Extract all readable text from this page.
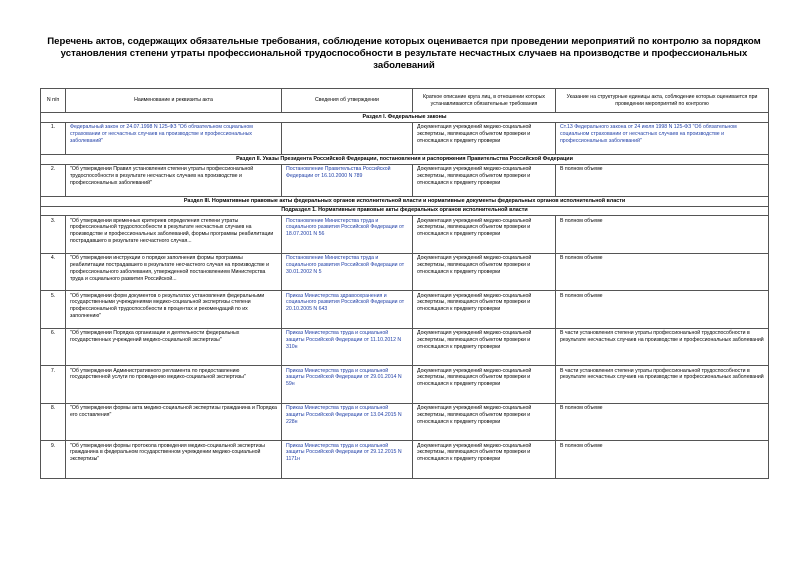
Перечень актов, содержащих обязательные требования, соблюдение которых оценивается при проведении мероприятий по контролю за порядком установления степени утраты профессиональной трудоспособности в результате несчастных случаев на производстве и профессиональных заболеваний
N п/п	Наименование и реквизиты акта	Сведения об утверждении	Краткое описание круга лиц, в отношении которых устанавливаются обязательные требования	Указание на структурные единицы акта, соблюдение которых оценивается при проведении мероприятий по контролю
Раздел I. Федеральные законы				
1.	Федеральный закон от 24.07.1998 N 125-ФЗ "Об обязательном социальном страховании от несчастных случаев на производстве и профессиональных заболеваний"		Документация учреждений медико-социальной экспертизы, являющаяся объектом проверки и относящаяся к предмету проверки	Ст.13 Федерального закона от 24 июля 1998 N 125-ФЗ "Об обязательном социальном страховании от несчастных случаев на производстве и профессиональных заболеваний"
Раздел II. Указы Президента Российской Федерации, постановления и распоряжения Правительства Российской Федерации				
2.	"Об утверждении Правил установления степени утраты профессиональной трудоспособности в результате несчастных случаев на производстве и профессиональных заболеваний"	Постановление Правительства Российской Федерации от 16.10.2000 N 789	Документация учреждений медико-социальной экспертизы, являющаяся объектом проверки и относящаяся к предмету проверки	В полном объеме
Раздел III. Нормативные правовые акты федеральных органов исполнительной власти и нормативные документы федеральных органов исполнительной власти				
Подраздел 1. Нормативные правовые акты федеральных органов исполнительной власти				
3.	"Об утверждении временных критериев определения степени утраты профессиональной трудоспособности в результате несчастных случаев на производстве и профессиональных заболеваний, формы программы реабилитации пострадавшего в результате несчастного случая...	Постановление Министерства труда и социального развития Российской Федерации от 18.07.2001 N 56	Документация учреждений медико-социальной экспертизы, являющаяся объектом проверки и относящаяся к предмету проверки	В полном объеме
4.	"Об утверждении инструкции о порядке заполнения формы программы реабилитации пострадавшего в результате несчастного случая на производстве и профессионального заболевания, утвержденной постановлением Министерства труда и социального развития Российской...	Постановление Министерства труда и социального развития Российской Федерации от 30.01.2002 N 5	Документация учреждений медико-социальной экспертизы, являющаяся объектом проверки и относящаяся к предмету проверки	В полном объеме
5.	"Об утверждении форм документов о результатах установления федеральными государственными учреждениями медико-социальной экспертизы степени профессиональной трудоспособности в процентах и рекомендаций по их заполнению"	Приказ Министерства здравоохранения и социального развития Российской Федерации от 20.10.2005 N 643	Документация учреждений медико-социальной экспертизы, являющаяся объектом проверки и относящаяся к предмету проверки	В полном объеме
6.	"Об утверждении Порядка организации и деятельности федеральных государственных учреждений медико-социальной экспертизы"	Приказ Министерства труда и социальной защиты Российской Федерации от 11.10.2012 N 310н	Документация учреждений медико-социальной экспертизы, являющаяся объектом проверки и относящаяся к предмету проверки	В части установления степени утраты профессиональной трудоспособности в результате несчастных случаев на производстве и профессиональных заболеваний
7.	"Об утверждении Административного регламента по предоставлению государственной услуги по проведению медико-социальной экспертизы"	Приказ Министерства труда и социальной защиты Российской Федерации от 29.01.2014 N 59н	Документация учреждений медико-социальной экспертизы, являющаяся объектом проверки и относящаяся к предмету проверки	В части установления степени утраты профессиональной трудоспособности в результате несчастных случаев на производстве и профессиональных заболеваний
8.	"Об утверждении формы акта медико-социальной экспертизы гражданина и Порядка его составления"	Приказ Министерства труда и социальной защиты Российской Федерации от 13.04.2015 N 228н	Документация учреждений медико-социальной экспертизы, являющаяся объектом проверки и относящаяся к предмету проверки	В полном объеме
9.	"Об утверждении формы протокола проведения медико-социальной экспертизы гражданина в федеральном государственном учреждении медико-социальной экспертизы"	Приказ Министерства труда и социальной защиты Российской Федерации от 29.12.2015 N 1171н	Документация учреждений медико-социальной экспертизы, являющаяся объектом проверки и относящаяся к предмету проверки	В полном объеме
